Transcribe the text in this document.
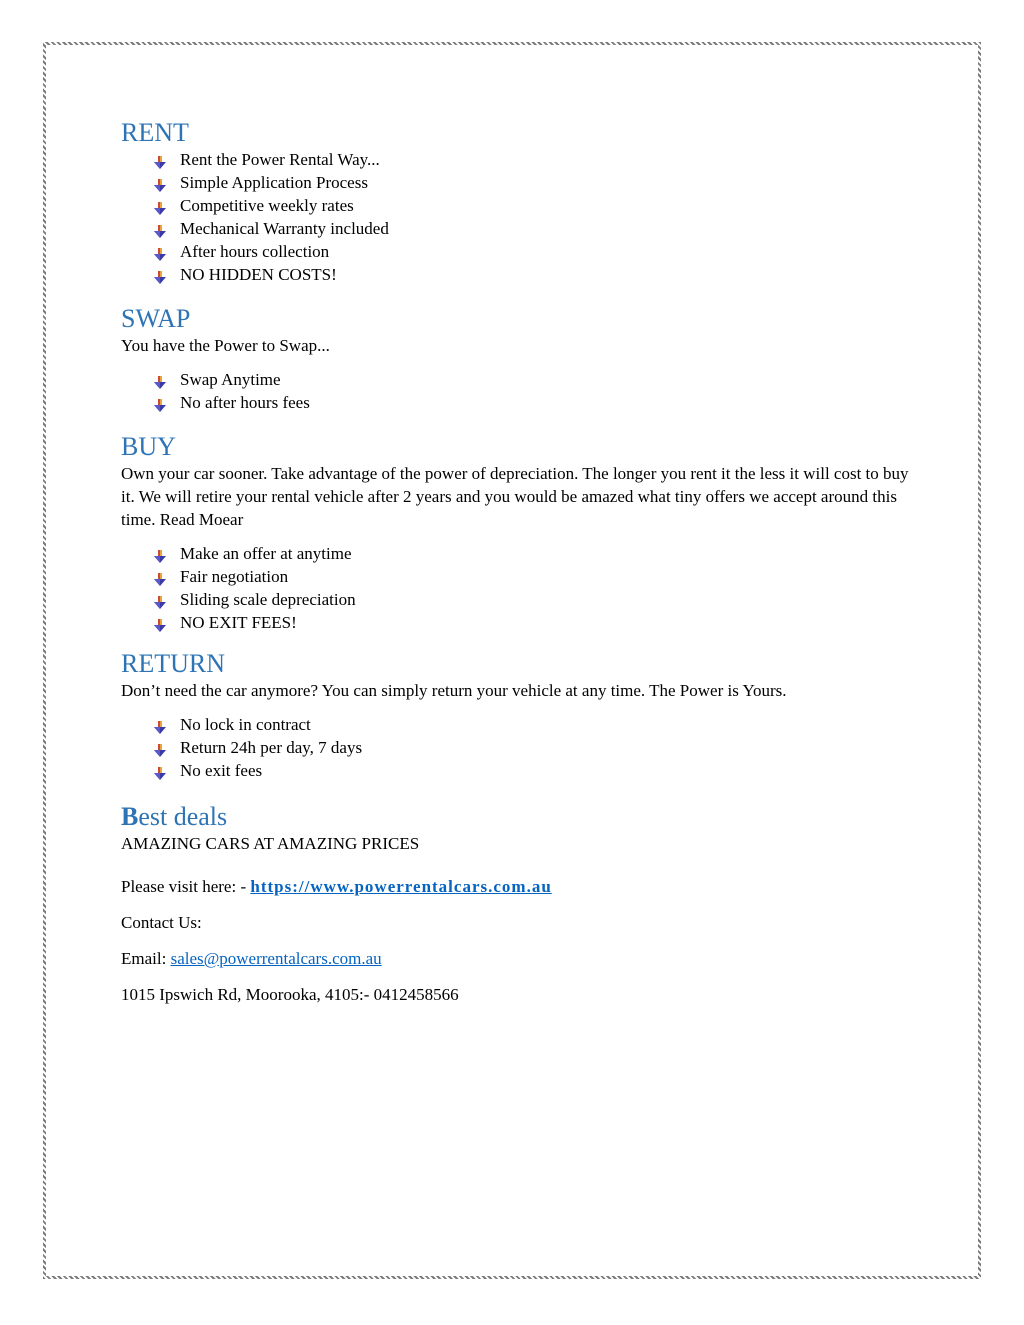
RENT
Rent the Power Rental Way...
Simple Application Process
Competitive weekly rates
Mechanical Warranty included
After hours collection
NO HIDDEN COSTS!
SWAP

You have the Power to Swap...

Swap Anytime
No after hours fees
BUY

Own your car sooner. Take advantage of the power of depreciation. The longer you rent it the less it will cost to buy it. We will retire your rental vehicle after 2 years and you would be amazed what tiny offers we accept around this time. Read Moear

Make an offer at anytime
Fair negotiation
Sliding scale depreciation
NO EXIT FEES!
RETURN

Don’t need the car anymore? You can simply return your vehicle at any time. The Power is Yours.

No lock in contract
Return 24h per day, 7 days
No exit fees
Best deals

AMAZING CARS AT AMAZING PRICES

Please visit here: - https://www.powerrentalcars.com.au

Contact Us:

Email: sales@powerrentalcars.com.au

1015 Ipswich Rd, Moorooka, 4105:- 0412458566
